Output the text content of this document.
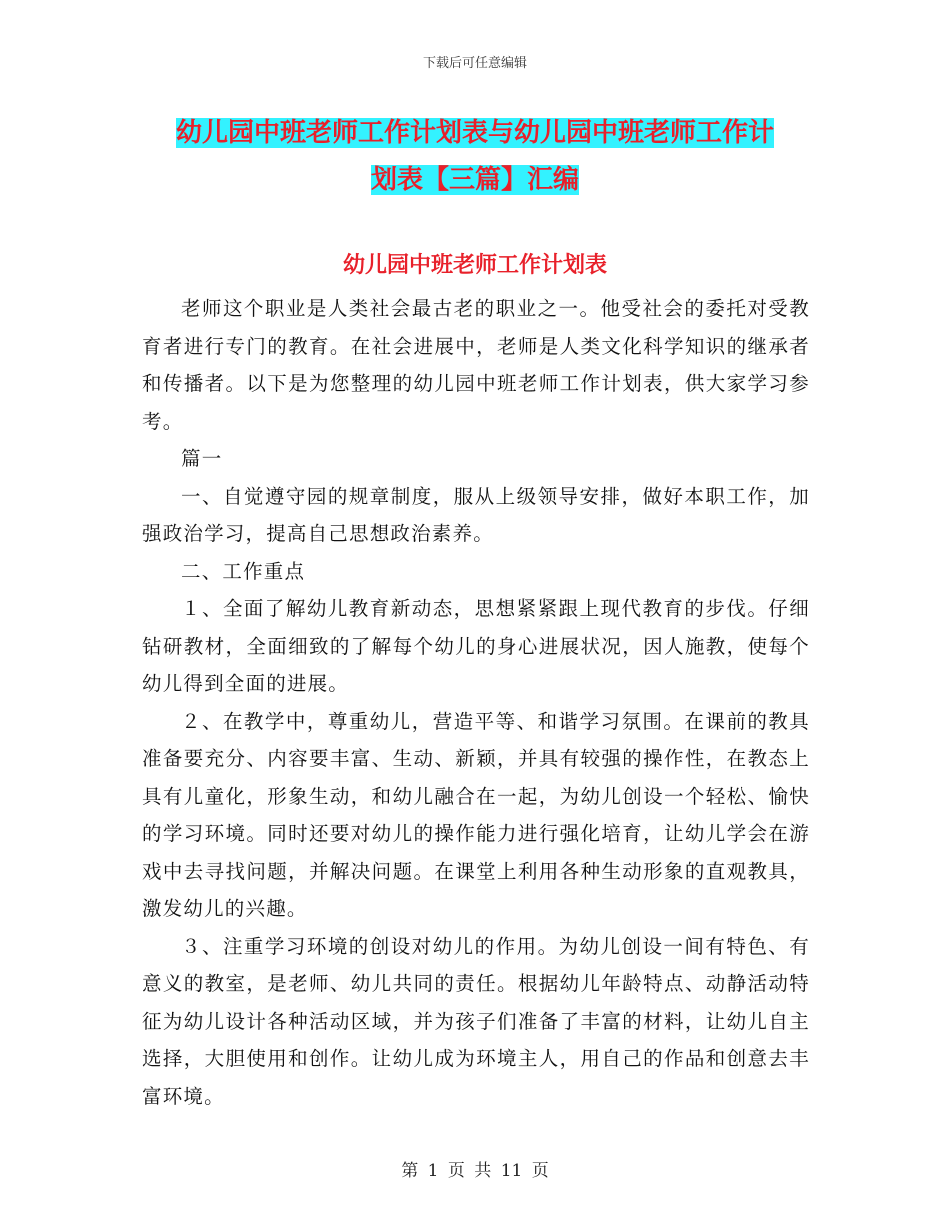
下载后可任意编辑
幼儿园中班老师工作计划表与幼儿园中班老师工作计
划表【三篇】汇编
幼儿园中班老师工作计划表

老师这个职业是人类社会最古老的职业之一。他受社会的委托对受教育者进行专门的教育。在社会进展中，老师是人类文化科学知识的继承者和传播者。以下是为您整理的幼儿园中班老师工作计划表，供大家学习参考。

篇一

一、自觉遵守园的规章制度，服从上级领导安排，做好本职工作，加强政治学习，提高自己思想政治素养。

二、工作重点

１、全面了解幼儿教育新动态，思想紧紧跟上现代教育的步伐。仔细钻研教材，全面细致的了解每个幼儿的身心进展状况，因人施教，使每个幼儿得到全面的进展。

２、在教学中，尊重幼儿，营造平等、和谐学习氛围。在课前的教具准备要充分、内容要丰富、生动、新颖，并具有较强的操作性，在教态上具有儿童化，形象生动，和幼儿融合在一起，为幼儿创设一个轻松、愉快的学习环境。同时还要对幼儿的操作能力进行强化培育，让幼儿学会在游戏中去寻找问题，并解决问题。在课堂上利用各种生动形象的直观教具，激发幼儿的兴趣。

３、注重学习环境的创设对幼儿的作用。为幼儿创设一间有特色、有意义的教室，是老师、幼儿共同的责任。根据幼儿年龄特点、动静活动特征为幼儿设计各种活动区域，并为孩子们准备了丰富的材料，让幼儿自主选择，大胆使用和创作。让幼儿成为环境主人，用自己的作品和创意去丰富环境。

第 1 页 共 11 页
